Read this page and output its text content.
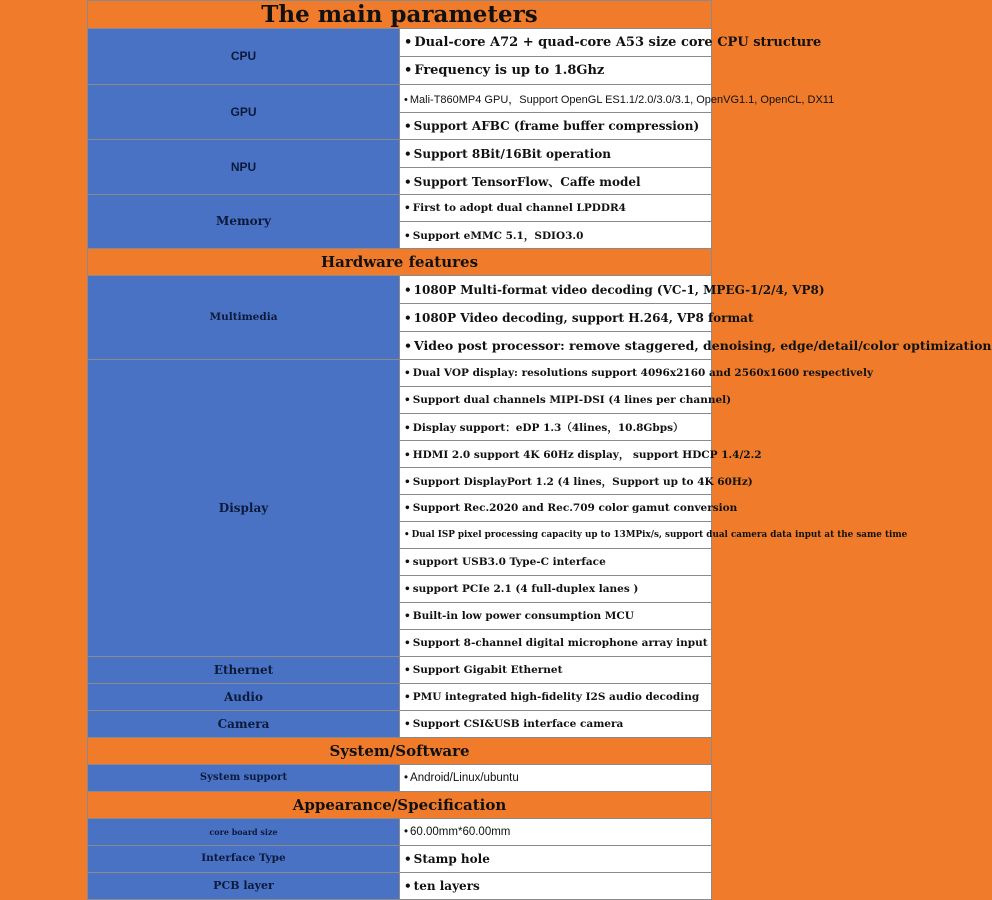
The main parameters	
CPU	• Dual-core A72 + quad-core A53 size core CPU structure
	• Frequency is up to 1.8Ghz
GPU	• Mali-T860MP4 GPU，Support OpenGL ES1.1/2.0/3.0/3.1, OpenVG1.1, OpenCL, DX11
	• Support AFBC (frame buffer compression)
NPU	• Support 8Bit/16Bit operation
	• Support TensorFlow、Caffe model
Memory	• First to adopt dual channel LPDDR4
	• Support eMMC 5.1，SDIO3.0
Hardware features	
Multimedia	• 1080P Multi-format video decoding (VC-1, MPEG-1/2/4, VP8)
	• 1080P Video decoding, support H.264, VP8 format
	• Video post processor: remove staggered, denoising, edge/detail/color optimization
Display	• Dual VOP display: resolutions support 4096x2160 and 2560x1600 respectively
	• Support dual channels MIPI-DSI (4 lines per channel)
	• Display support：eDP 1.3（4lines，10.8Gbps）
	• HDMI 2.0 support 4K 60Hz display， support HDCP 1.4/2.2
	• Support DisplayPort 1.2 (4 lines，Support up to 4K 60Hz)
	• Support Rec.2020 and Rec.709 color gamut conversion
	• Dual ISP pixel processing capacity up to 13MPix/s, support dual camera data input at the same time
	• support USB3.0 Type-C interface
	• support PCIe 2.1 (4 full-duplex lanes )
	• Built-in low power consumption MCU
	• Support 8-channel digital microphone array input
Ethernet	• Support Gigabit Ethernet
Audio	• PMU integrated high-fidelity I2S audio decoding
Camera	• Support CSI&USB interface camera
System/Software	
System support	• Android/Linux/ubuntu
Appearance/Specification	
core board size	• 60.00mm*60.00mm
Interface Type	• Stamp hole
PCB layer	• ten layers
